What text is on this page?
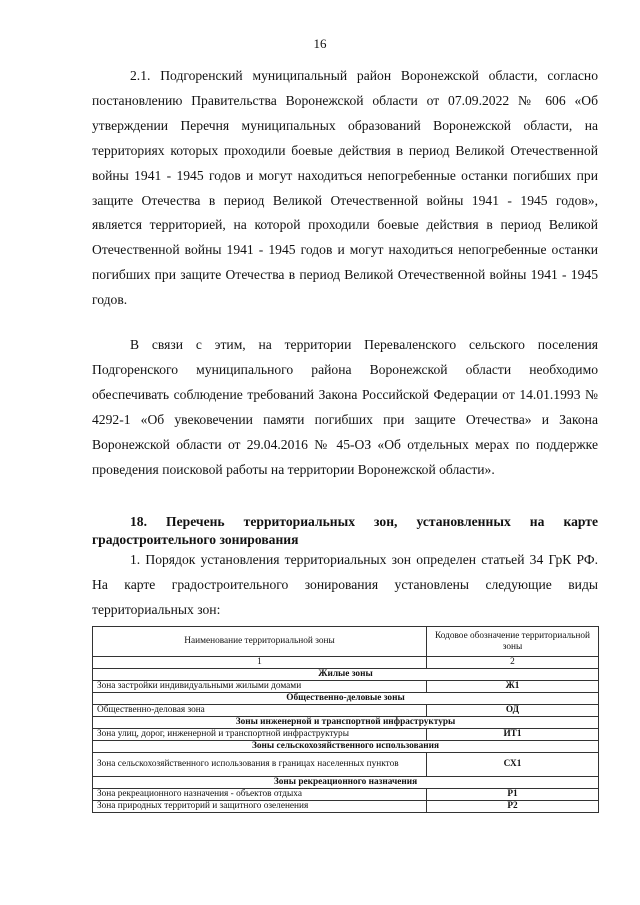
16

2.1. Подгоренский муниципальный район Воронежской области, согласно постановлению Правительства Воронежской области от 07.09.2022 № 606 «Об утверждении Перечня муниципальных образований Воронежской области, на территориях которых проходили боевые действия в период Великой Отечественной войны 1941 - 1945 годов и могут находиться непогребенные останки погибших при защите Отечества в период Великой Отечественной войны 1941 - 1945 годов», является территорией, на которой проходили боевые действия в период Великой Отечественной войны 1941 - 1945 годов и могут находиться непогребенные останки погибших при защите Отечества в период Великой Отечественной войны 1941 - 1945 годов.

В связи с этим, на территории Перевaленского сельского поселения Подгоренского муниципального района Воронежской области необходимо обеспечивать соблюдение требований Закона Российской Федерации от 14.01.1993 № 4292-1 «Об увековечении памяти погибших при защите Отечества» и Закона Воронежской области от 29.04.2016 № 45-ОЗ «Об отдельных мерах по поддержке проведения поисковой работы на территории Воронежской области».

18. Перечень территориальных зон, установленных на карте градостроительного зонирования

1. Порядок установления территориальных зон определен статьей 34 ГрК РФ. На карте градостроительного зонирования установлены следующие виды территориальных зон:

Наименование территориальной зоны	Кодовое обозначение территориальной зоны
1	2
Жилые зоны	
Зона застройки индивидуальными жилыми домами	Ж1
Общественно-деловые зоны	
Общественно-деловая зона	ОД
Зоны инженерной и транспортной инфраструктуры	
Зона улиц, дорог, инженерной и транспортной инфраструктуры	ИТ1
Зоны сельскохозяйственного использования	
Зона сельскохозяйственного использования в границах населенных пунктов	СХ1
Зоны рекреационного назначения	
Зона рекреационного назначения - объектов отдыха	Р1
Зона природных территорий и защитного озеленения	Р2
